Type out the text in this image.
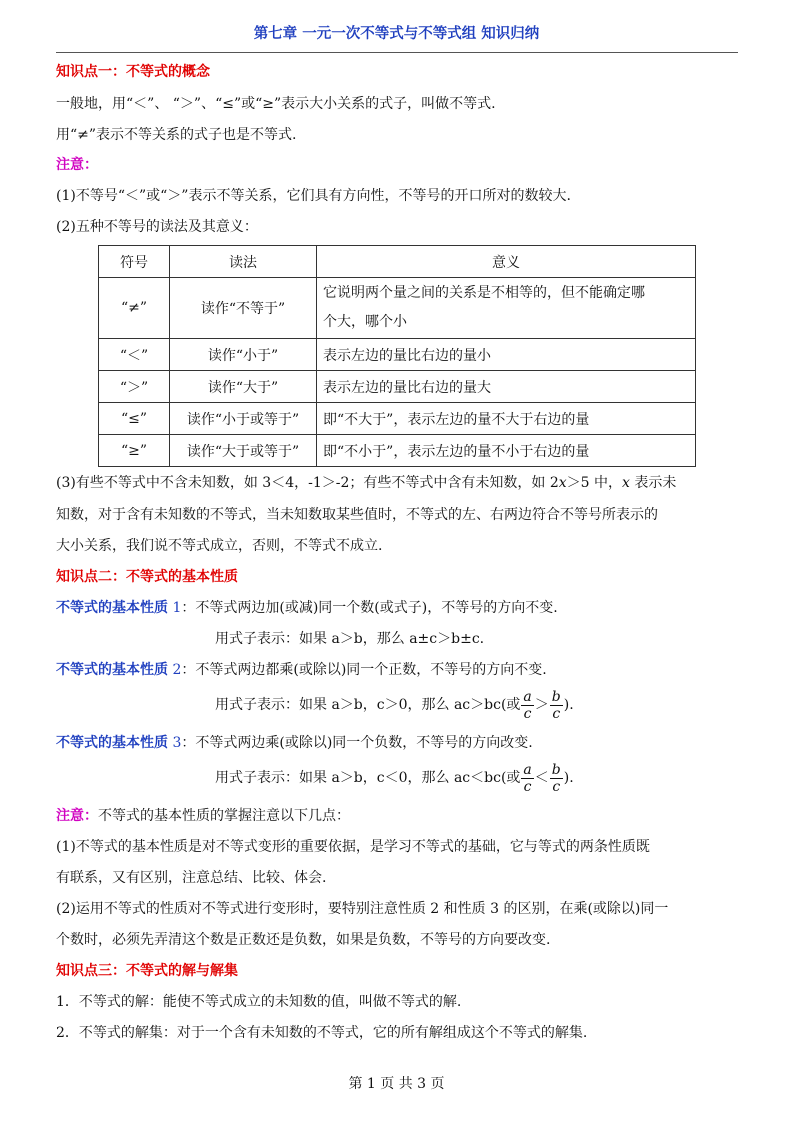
第七章 一元一次不等式与不等式组 知识归纳
知识点一：不等式的概念
一般地，用“＜”、 “＞”、“≤”或“≥”表示大小关系的式子，叫做不等式.
用“≠”表示不等关系的式子也是不等式.
注意：
(1)不等号“＜”或“＞”表示不等关系，它们具有方向性，不等号的开口所对的数较大.
(2)五种不等号的读法及其意义：
符号	读法	意义
“≠”	读作“不等于”	它说明两个量之间的关系是不相等的，但不能确定哪
个大，哪个小
“＜”	读作“小于”	表示左边的量比右边的量小
“＞”	读作“大于”	表示左边的量比右边的量大
“≤”	读作“小于或等于”	即“不大于”，表示左边的量不大于右边的量
“≥”	读作“大于或等于”	即“不小于”，表示左边的量不小于右边的量
(3)有些不等式中不含未知数，如 3＜4，-1＞-2；有些不等式中含有未知数，如 2x＞5 中，x 表示未
知数，对于含有未知数的不等式，当未知数取某些值时，不等式的左、右两边符合不等号所表示的
大小关系，我们说不等式成立，否则，不等式不成立.
知识点二：不等式的基本性质
不等式的基本性质 1：不等式两边加(或减)同一个数(或式子)，不等号的方向不变.
用式子表示：如果 a＞b，那么 a±c＞b±c.
不等式的基本性质 2：不等式两边都乘(或除以)同一个正数，不等号的方向不变.
用式子表示：如果 a＞b，c＞0，那么 ac＞bc(或 $\frac{a}{c} > \frac{b}{c}$ ).
不等式的基本性质 3：不等式两边乘(或除以)同一个负数，不等号的方向改变.
用式子表示：如果 a＞b，c＜0，那么 ac＜bc(或 $\frac{a}{c} < \frac{b}{c}$ ).
注意：不等式的基本性质的掌握注意以下几点：
(1)不等式的基本性质是对不等式变形的重要依据，是学习不等式的基础，它与等式的两条性质既
有联系，又有区别，注意总结、比较、体会.
(2)运用不等式的性质对不等式进行变形时，要特别注意性质 2 和性质 3 的区别，在乘(或除以)同一
个数时，必须先弄清这个数是正数还是负数，如果是负数，不等号的方向要改变.
知识点三：不等式的解与解集
1．不等式的解：能使不等式成立的未知数的值，叫做不等式的解.
2．不等式的解集：对于一个含有未知数的不等式，它的所有解组成这个不等式的解集.
第 1 页 共 3 页
